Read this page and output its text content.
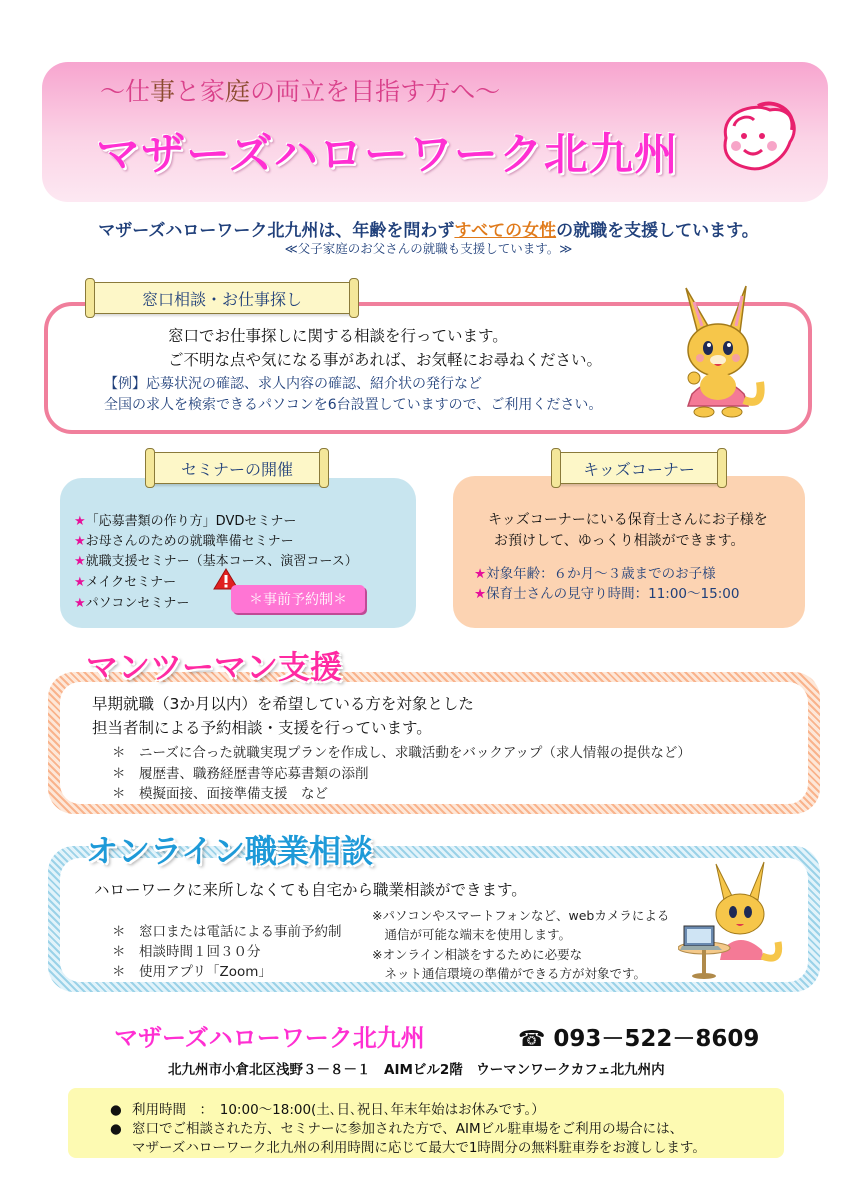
～仕事と家庭の両立を目指す方へ～
マザーズハローワーク北九州
マザーズハローワーク北九州は、年齢を問わずすべての女性の就職を支援しています。
≪父子家庭のお父さんの就職も支援しています。≫
窓口相談・お仕事探し
窓口でお仕事探しに関する相談を行っています。
ご不明な点や気になる事があれば、お気軽にお尋ねください。
【例】応募状況の確認、求人内容の確認、紹介状の発行など
全国の求人を検索できるパソコンを6台設置していますので、ご利用ください。
セミナーの開催
★「応募書類の作り方」DVDセミナー
★お母さんのための就職準備セミナー
★就職支援セミナー（基本コース、演習コース）
★メイクセミナー
★パソコンセミナー	＊事前予約制＊
キッズコーナー
キッズコーナーにいる保育士さんにお子様を
お預けして、ゆっくり相談ができます。
★対象年齢：６か月～３歳までのお子様
★保育士さんの見守り時間：11:00～15:00
マンツーマン支援
早期就職（3か月以内）を希望している方を対象とした
担当者制による予約相談・支援を行っています。
＊　 ニーズに合った就職実現プランを作成し、求職活動をバックアップ（求人情報の提供など）
＊　 履歴書、職務経歴書等応募書類の添削
＊　 模擬面接、面接準備支援　など
オンライン職業相談
ハローワークに来所しなくても自宅から職業相談ができます。
＊　 窓口または電話による事前予約制
＊　 相談時間１回３０分
＊　 使用アプリ「Zoom」
※パソコンやスマートフォンなど、webカメラによる
　通信が可能な端末を使用します。
※オンライン相談をするために必要な
　ネット通信環境の準備ができる方が対象です。
マザーズハローワーク北九州	☎ 093－522－8609
北九州市小倉北区浅野３－８－１　AIMビル2階　ウーマンワークカフェ北九州内
● 利用時間　：　10:00～18:00(土､日､祝日､年末年始はお休みです。）
● 窓口でご相談された方、セミナーに参加された方で、AIMビル駐車場をご利用の場合には、
マザーズハローワーク北九州の利用時間に応じて最大で1時間分の無料駐車券をお渡しします。
